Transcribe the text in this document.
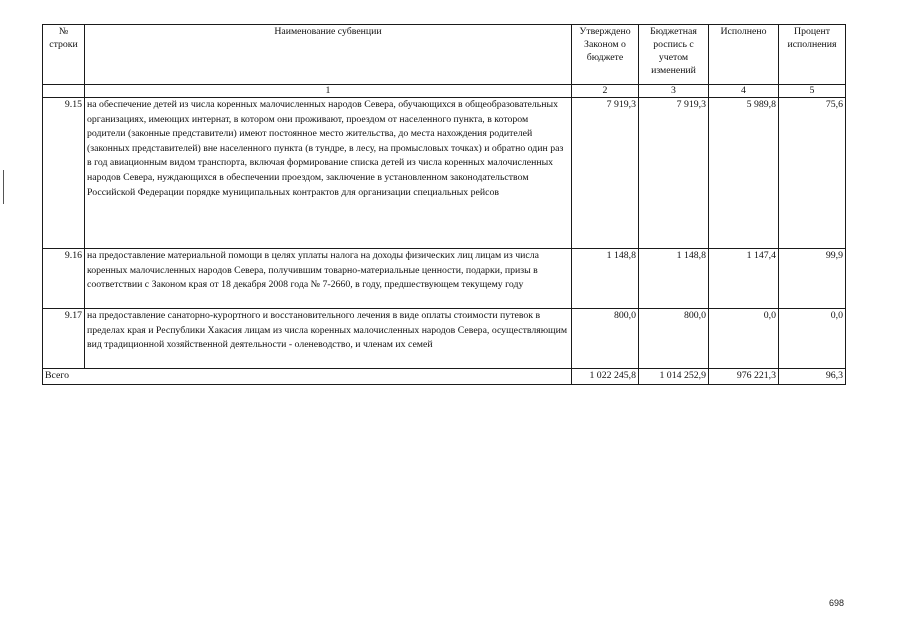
№ строки	Наименование субвенции	Утверждено Законом о бюджете	Бюджетная роспись с учетом изменений	Исполнено	Процент исполнения
	1	2	3	4	5
9.15	на обеспечение детей из числа коренных малочисленных народов Севера, обучающихся в общеобразовательных организациях, имеющих интернат, в котором они проживают, проездом от населенного пункта, в котором родители (законные представители) имеют постоянное место жительства, до места нахождения родителей (законных представителей) вне населенного пункта (в тундре, в лесу, на промысловых точках) и обратно один раз в год авиационным видом транспорта, включая формирование списка детей из числа коренных малочисленных народов Севера, нуждающихся в обеспечении проездом, заключение в установленном законодательством Российской Федерации порядке муниципальных контрактов для организации специальных рейсов	7 919,3	7 919,3	5 989,8	75,6
9.16	на предоставление материальной помощи в целях уплаты налога на доходы физических лиц лицам из числа коренных малочисленных народов Севера, получившим товарно-материальные ценности, подарки, призы в соответствии с Законом края от 18 декабря 2008 года № 7-2660, в году, предшествующем текущему году	1 148,8	1 148,8	1 147,4	99,9
9.17	на предоставление санаторно-курортного и восстановительного лечения в виде оплаты стоимости путевок в пределах края и Республики Хакасия лицам из числа коренных малочисленных народов Севера, осуществляющим вид традиционной хозяйственной деятельности - оленеводство, и членам их семей	800,0	800,0	0,0	0,0
Всего		1 022 245,8	1 014 252,9	976 221,3	96,3
698
